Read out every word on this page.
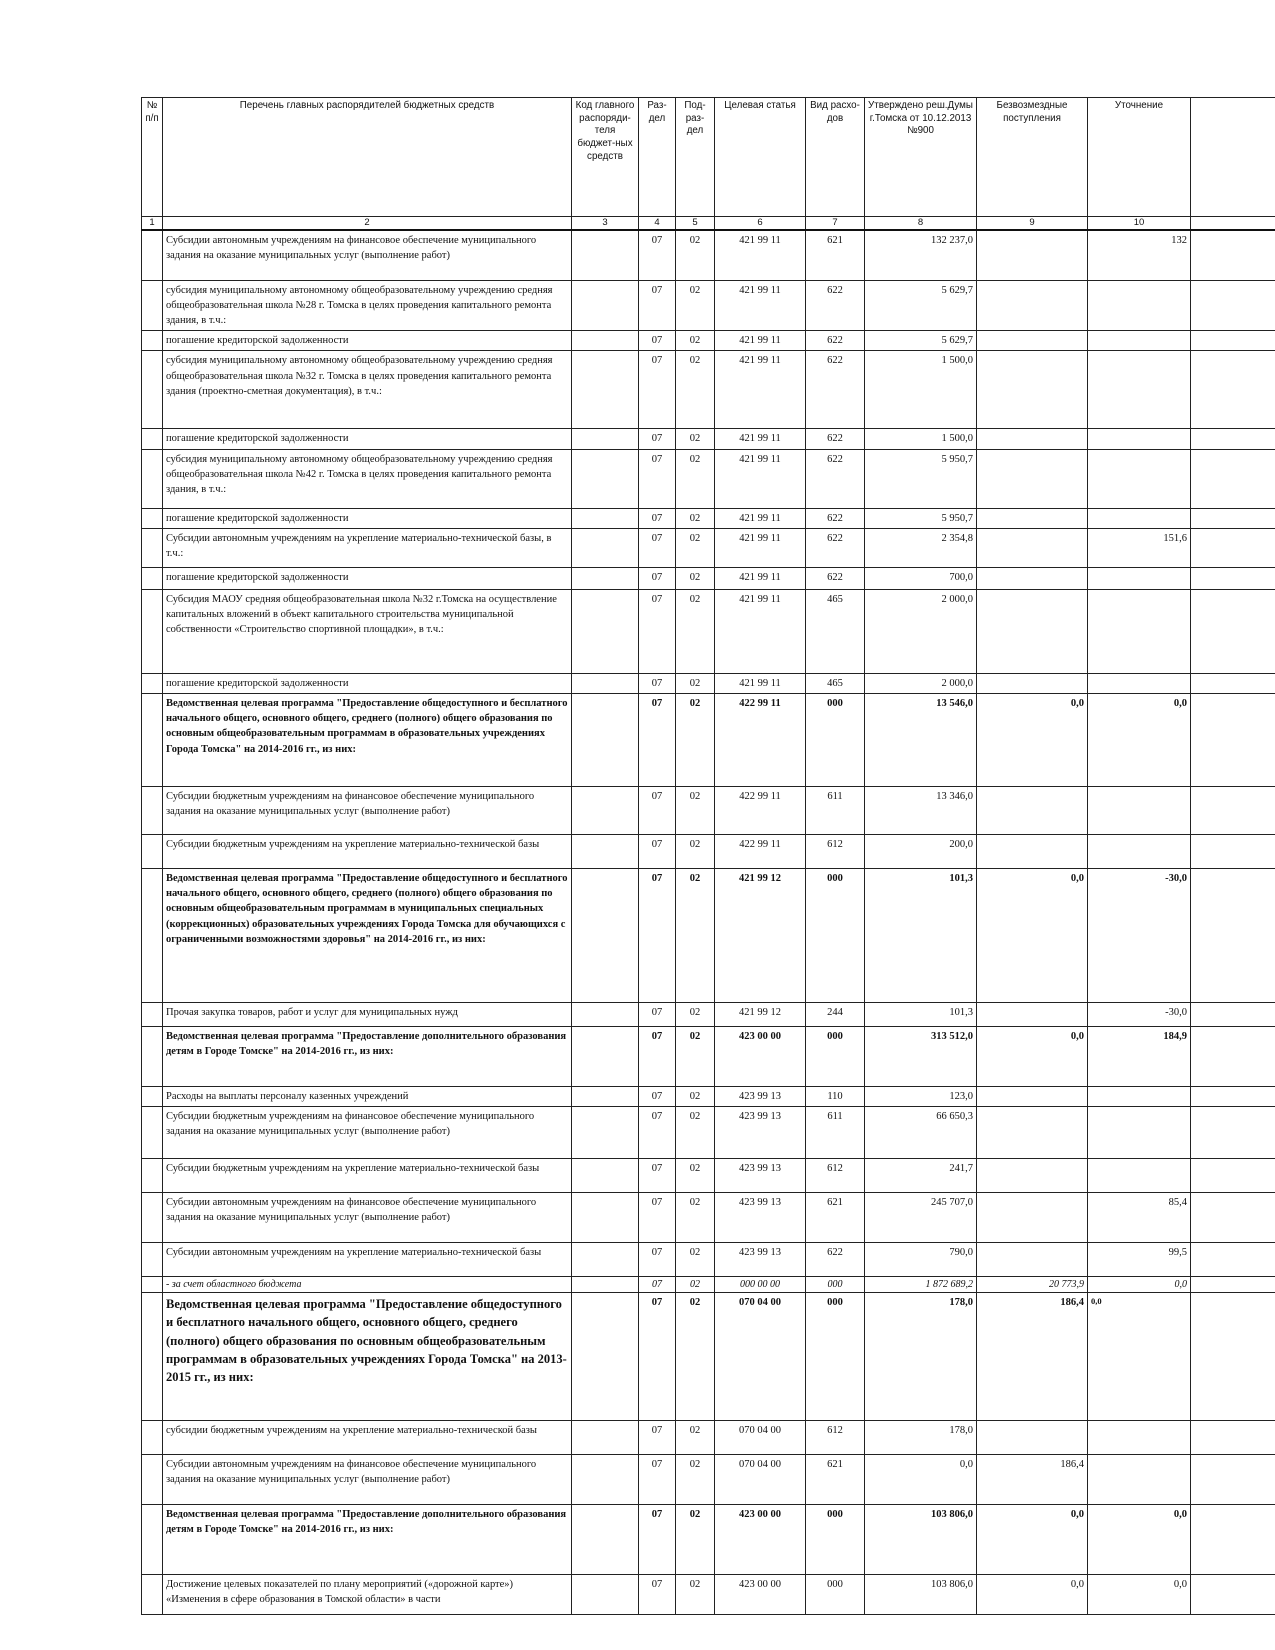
№ п/п	Перечень главных распорядителей бюджетных средств	Код главного распоряди-теля бюджет-ных средств	Раз-дел	Под-раз-дел	Целевая статья	Вид расхо-дов	Утверждено реш.Думы г.Томска от 10.12.2013 №900	Безвозмездные поступления	Уточнение	
1	2	3	4	5	6	7	8	9	10	
	Субсидии автономным учреждениям на финансовое обеспечение муниципального задания на оказание муниципальных услуг (выполнение работ)		07	02	421 99 11	621	132 237,0		132	
	субсидия муниципальному автономному общеобразовательному учреждению средняя общеобразовательная школа №28 г. Томска в целях проведения капитального ремонта здания, в т.ч.:		07	02	421 99 11	622	5 629,7			
	погашение кредиторской задолженности		07	02	421 99 11	622	5 629,7			
	субсидия муниципальному автономному общеобразовательному учреждению средняя общеобразовательная школа №32 г. Томска в целях проведения капитального ремонта здания (проектно-сметная документация), в т.ч.:		07	02	421 99 11	622	1 500,0			
	погашение кредиторской задолженности		07	02	421 99 11	622	1 500,0			
	субсидия муниципальному автономному общеобразовательному учреждению средняя общеобразовательная школа №42 г. Томска в целях проведения капитального ремонта здания, в т.ч.:		07	02	421 99 11	622	5 950,7			
	погашение кредиторской задолженности		07	02	421 99 11	622	5 950,7			
	Субсидии автономным учреждениям на укрепление материально-технической базы, в т.ч.:		07	02	421 99 11	622	2 354,8		151,6	
	погашение кредиторской задолженности		07	02	421 99 11	622	700,0			
	Субсидия МАОУ средняя общеобразовательная школа №32 г.Томска на осуществление капитальных вложений в объект капитального строительства муниципальной собственности «Строительство спортивной площадки», в т.ч.:		07	02	421 99 11	465	2 000,0			
	погашение кредиторской задолженности		07	02	421 99 11	465	2 000,0			
	Ведомственная целевая программа "Предоставление общедоступного и бесплатного начального общего, основного общего, среднего (полного) общего образования по основным общеобразовательным программам в образовательных учреждениях Города Томска" на 2014-2016 гг., из них:		07	02	422 99 11	000	13 546,0	0,0	0,0	
	Субсидии бюджетным учреждениям на финансовое обеспечение муниципального задания на оказание муниципальных услуг (выполнение работ)		07	02	422 99 11	611	13 346,0			
	Субсидии бюджетным учреждениям на укрепление материально-технической базы		07	02	422 99 11	612	200,0			
	Ведомственная целевая программа "Предоставление общедоступного и бесплатного начального общего, основного общего, среднего (полного) общего образования по основным общеобразовательным программам в муниципальных специальных (коррекционных) образовательных учреждениях Города Томска для обучающихся с ограниченными возможностями здоровья" на 2014-2016 гг., из них:		07	02	421 99 12	000	101,3	0,0	-30,0	
	Прочая закупка товаров, работ и услуг для муниципальных нужд		07	02	421 99 12	244	101,3		-30,0	
	Ведомственная целевая программа "Предоставление дополнительного образования детям в Городе Томске" на 2014-2016 гг., из них:		07	02	423 00 00	000	313 512,0	0,0	184,9	
	Расходы на выплаты персоналу казенных учреждений		07	02	423 99 13	110	123,0			
	Субсидии бюджетным учреждениям на финансовое обеспечение муниципального задания на оказание муниципальных услуг (выполнение работ)		07	02	423 99 13	611	66 650,3			
	Субсидии бюджетным учреждениям на укрепление материально-технической базы		07	02	423 99 13	612	241,7			
	Субсидии автономным учреждениям на финансовое обеспечение муниципального задания на оказание муниципальных услуг (выполнение работ)		07	02	423 99 13	621	245 707,0		85,4	
	Субсидии автономным учреждениям на укрепление материально-технической базы		07	02	423 99 13	622	790,0		99,5	
	- за счет областного бюджета		07	02	000 00 00	000	1 872 689,2	20 773,9	0,0	
	Ведомственная целевая программа "Предоставление общедоступного и бесплатного начального общего, основного общего, среднего (полного) общего образования по основным общеобразовательным программам в образовательных учреждениях Города Томска" на 2013-2015 гг., из них:		07	02	070 04 00	000	178,0	186,4	0,0	
	субсидии бюджетным учреждениям на укрепление материально-технической базы		07	02	070 04 00	612	178,0			
	Субсидии автономным учреждениям на финансовое обеспечение муниципального задания на оказание муниципальных услуг (выполнение работ)		07	02	070 04 00	621	0,0	186,4		
	Ведомственная целевая программа "Предоставление дополнительного образования детям в Городе Томске" на 2014-2016 гг., из них:		07	02	423 00 00	000	103 806,0	0,0	0,0	
	Достижение целевых показателей по плану мероприятий («дорожной карте») «Изменения в сфере образования в Томской области» в части		07	02	423 00 00	000	103 806,0	0,0	0,0	
